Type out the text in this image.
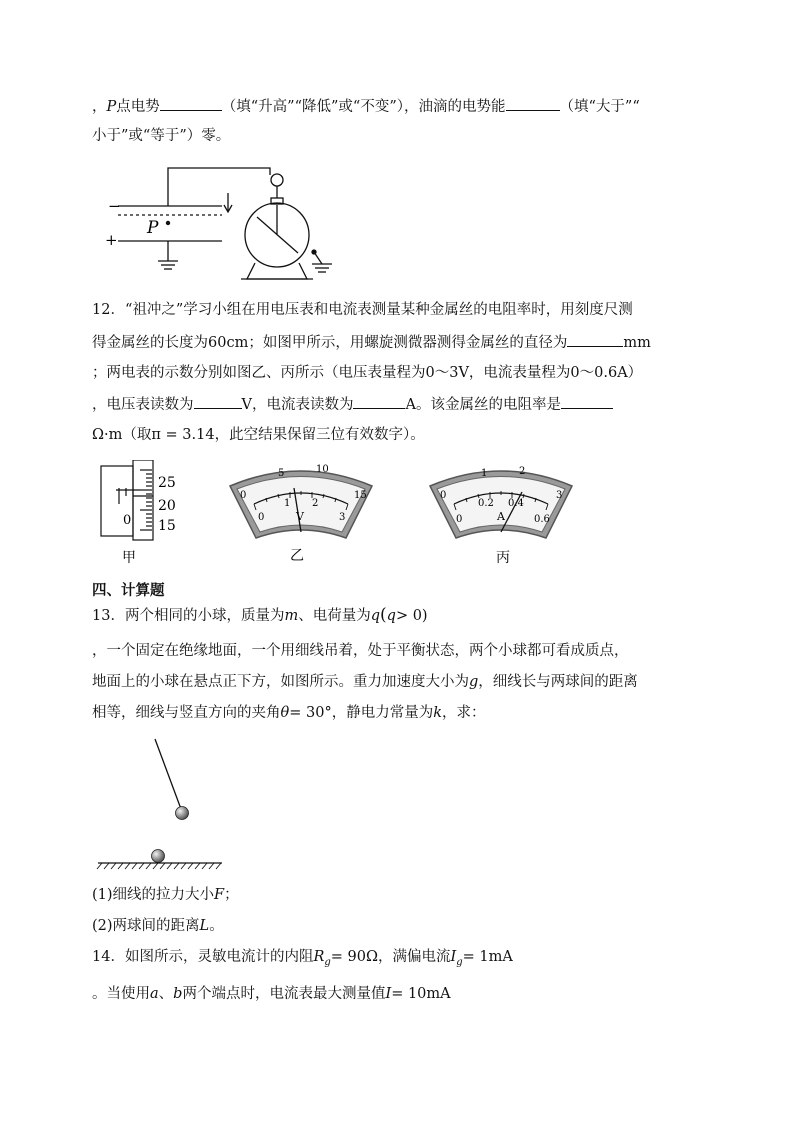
，P点电势	（填“升高”“降低”或“不变”），油滴的电势能	（填“大于”“
小于”或“等于”）零。
−
+
P
12．“祖冲之”学习小组在用电压表和电流表测量某种金属丝的电阻率时，用刻度尺测
得金属丝的长度为60cm；如图甲所示，用螺旋测微器测得金属丝的直径为	mm
；两电表的示数分别如图乙、丙所示（电压表量程为0～3V，电流表量程为0～0.6A）
，电压表读数为	V，电流表读数为	A。该金属丝的电阻率是
Ω·m（取π = 3.14，此空结果保留三位有效数字）。
25
20
15
0
甲
0
5	10
15
0
1 2
3
V
乙
0
1	2
3
0
0.2 0.4
0.6
A
丙
四、计算题
13．两个相同的小球，质量为m、电荷量为q(q> 0)
，一个固定在绝缘地面，一个用细线吊着，处于平衡状态，两个小球都可看成质点，
地面上的小球在悬点正下方，如图所示。重力加速度大小为g，细线长与两球间的距离
相等，细线与竖直方向的夹角θ= 30°，静电力常量为k，求：
(1)细线的拉力大小F；
(2)两球间的距离L。
14．如图所示，灵敏电流计的内阻$R_g= 90\Omega$，满偏电流$I_g= 1mA$
。当使用a、b两个端点时，电流表最大测量值I= 10mA
